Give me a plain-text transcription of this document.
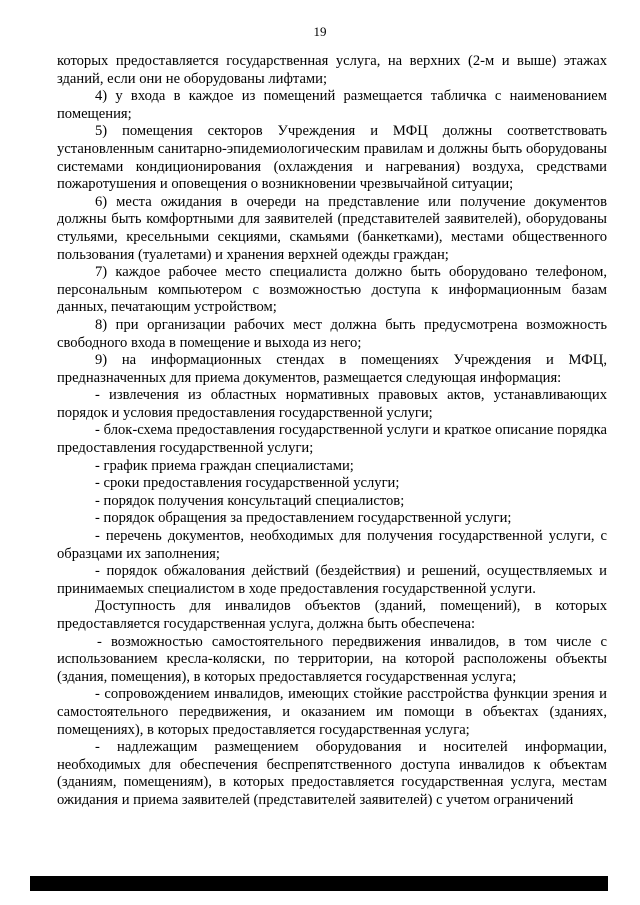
19

которых предоставляется государственная услуга, на верхних (2-м и выше) этажах зданий, если они не оборудованы лифтами;

4) у входа в каждое из помещений размещается табличка с наименованием помещения;

5) помещения секторов Учреждения и МФЦ должны соответствовать установленным санитарно-эпидемиологическим правилам и должны быть оборудованы системами кондиционирования (охлаждения и нагревания) воздуха, средствами пожаротушения и оповещения о возникновении чрезвычайной ситуации;

6) места ожидания в очереди на представление или получение документов должны быть комфортными для заявителей (представителей заявителей), оборудованы стульями, кресельными секциями, скамьями (банкетками), местами общественного пользования (туалетами) и хранения верхней одежды граждан;

7) каждое рабочее место специалиста должно быть оборудовано телефоном, персональным компьютером с возможностью доступа к информационным базам данных, печатающим устройством;

8) при организации рабочих мест должна быть предусмотрена возможность свободного входа в помещение и выхода из него;

9) на информационных стендах в помещениях Учреждения и МФЦ, предназначенных для приема документов, размещается следующая информация:

- извлечения из областных нормативных правовых актов, устанавливающих порядок и условия предоставления государственной услуги;

- блок-схема предоставления государственной услуги и краткое описание порядка предоставления государственной услуги;

- график приема граждан специалистами;

- сроки предоставления государственной услуги;

- порядок получения консультаций специалистов;

- порядок обращения за предоставлением государственной услуги;

- перечень документов, необходимых для получения государственной услуги, с образцами их заполнения;

- порядок обжалования действий (бездействия) и решений, осуществляемых и принимаемых специалистом в ходе предоставления государственной услуги.

Доступность для инвалидов объектов (зданий, помещений), в которых предоставляется государственная услуга, должна быть обеспечена:

- возможностью самостоятельного передвижения инвалидов, в том числе с использованием кресла-коляски, по территории, на которой расположены объекты (здания, помещения), в которых предоставляется государственная услуга;

- сопровождением инвалидов, имеющих стойкие расстройства функции зрения и самостоятельного передвижения, и оказанием им помощи в объектах (зданиях, помещениях), в которых предоставляется государственная услуга;

- надлежащим размещением оборудования и носителей информации, необходимых для обеспечения беспрепятственного доступа инвалидов к объектам (зданиям, помещениям), в которых предоставляется государственная услуга, местам ожидания и приема заявителей (представителей заявителей) с учетом ограничений
